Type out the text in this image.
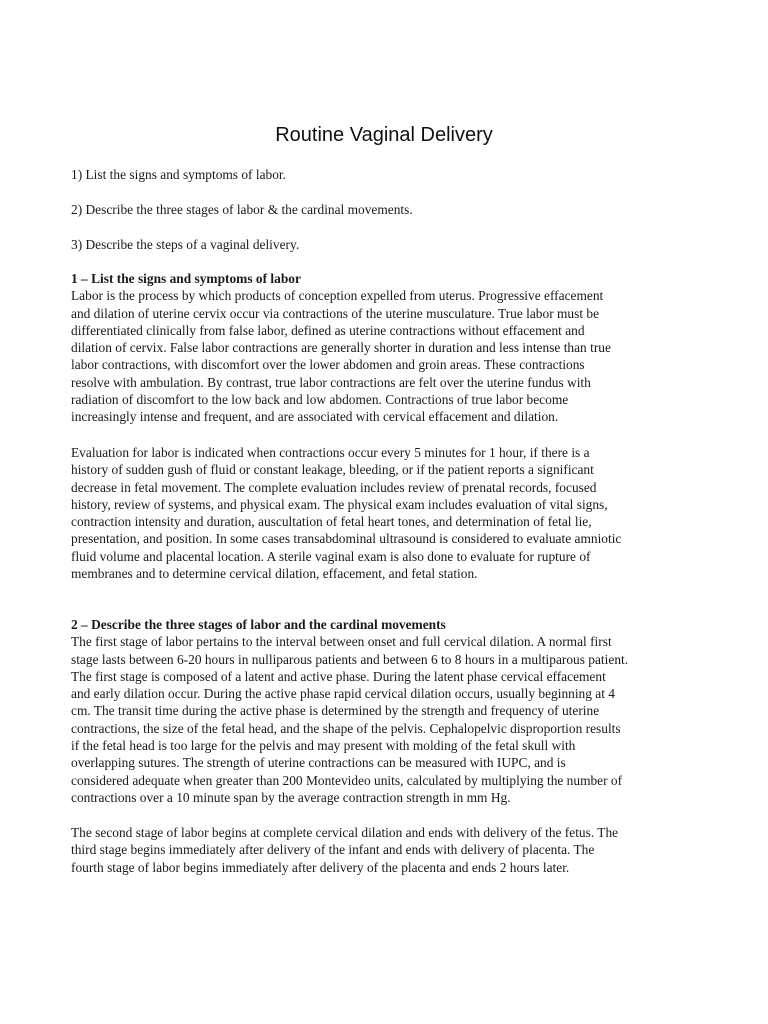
Routine Vaginal Delivery

1) List the signs and symptoms of labor.

2) Describe the three stages of labor & the cardinal movements.

3) Describe the steps of a vaginal delivery.

1 – List the signs and symptoms of labor

Labor is the process by which products of conception expelled from uterus. Progressive effacement
and dilation of uterine cervix occur via contractions of the uterine musculature. True labor must be
differentiated clinically from false labor, defined as uterine contractions without effacement and
dilation of cervix. False labor contractions are generally shorter in duration and less intense than true
labor contractions, with discomfort over the lower abdomen and groin areas. These contractions
resolve with ambulation. By contrast, true labor contractions are felt over the uterine fundus with
radiation of discomfort to the low back and low abdomen. Contractions of true labor become
increasingly intense and frequent, and are associated with cervical effacement and dilation.
Evaluation for labor is indicated when contractions occur every 5 minutes for 1 hour, if there is a
history of sudden gush of fluid or constant leakage, bleeding, or if the patient reports a significant
decrease in fetal movement. The complete evaluation includes review of prenatal records, focused
history, review of systems, and physical exam. The physical exam includes evaluation of vital signs,
contraction intensity and duration, auscultation of fetal heart tones, and determination of fetal lie,
presentation, and position. In some cases transabdominal ultrasound is considered to evaluate amniotic
fluid volume and placental location. A sterile vaginal exam is also done to evaluate for rupture of
membranes and to determine cervical dilation, effacement, and fetal station.

2 – Describe the three stages of labor and the cardinal movements

The first stage of labor pertains to the interval between onset and full cervical dilation. A normal first
stage lasts between 6-20 hours in nulliparous patients and between 6 to 8 hours in a multiparous patient.
The first stage is composed of a latent and active phase. During the latent phase cervical effacement
and early dilation occur. During the active phase rapid cervical dilation occurs, usually beginning at 4
cm. The transit time during the active phase is determined by the strength and frequency of uterine
contractions, the size of the fetal head, and the shape of the pelvis. Cephalopelvic disproportion results
if the fetal head is too large for the pelvis and may present with molding of the fetal skull with
overlapping sutures. The strength of uterine contractions can be measured with IUPC, and is
considered adequate when greater than 200 Montevideo units, calculated by multiplying the number of
contractions over a 10 minute span by the average contraction strength in mm Hg.
The second stage of labor begins at complete cervical dilation and ends with delivery of the fetus. The
third stage begins immediately after delivery of the infant and ends with delivery of placenta. The
fourth stage of labor begins immediately after delivery of the placenta and ends 2 hours later.
